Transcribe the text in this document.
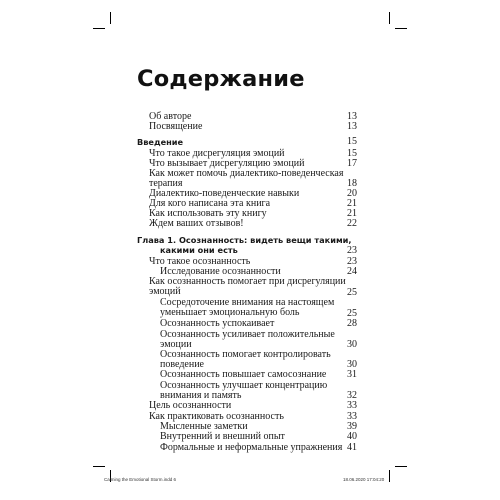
Содержание
Об авторе	13
Посвящение	13
Введение	15
Что такое дисрегуляция эмоций	15
Что вызывает дисрегуляцию эмоций	17
Как может помочь диалектико-поведенческая
терапия	18
Диалектико-поведенческие навыки	20
Для кого написана эта книга	21
Как использовать эту книгу	21
Ждем ваших отзывов!	22
Глава 1. Осознанность: видеть вещи такими,
какими они есть	23
Что такое осознанность	23
Исследование осознанности	24
Как осознанность помогает при дисрегуляции
эмоций	25
Сосредоточение внимания на настоящем
уменьшает эмоциональную боль	25
Осознанность успокаивает	28
Осознанность усиливает положительные
эмоции	30
Осознанность помогает контролировать
поведение	30
Осознанность повышает самосознание 31
Осознанность улучшает концентрацию
внимания и память	32
Цель осознанности	33
Как практиковать осознанность	33
Мысленные заметки	39
Внутренний и внешний опыт	40
Формальные и неформальные упражнения 41
Calming the Emotional Storm.indd 6	18.06.2020 17:04:20
